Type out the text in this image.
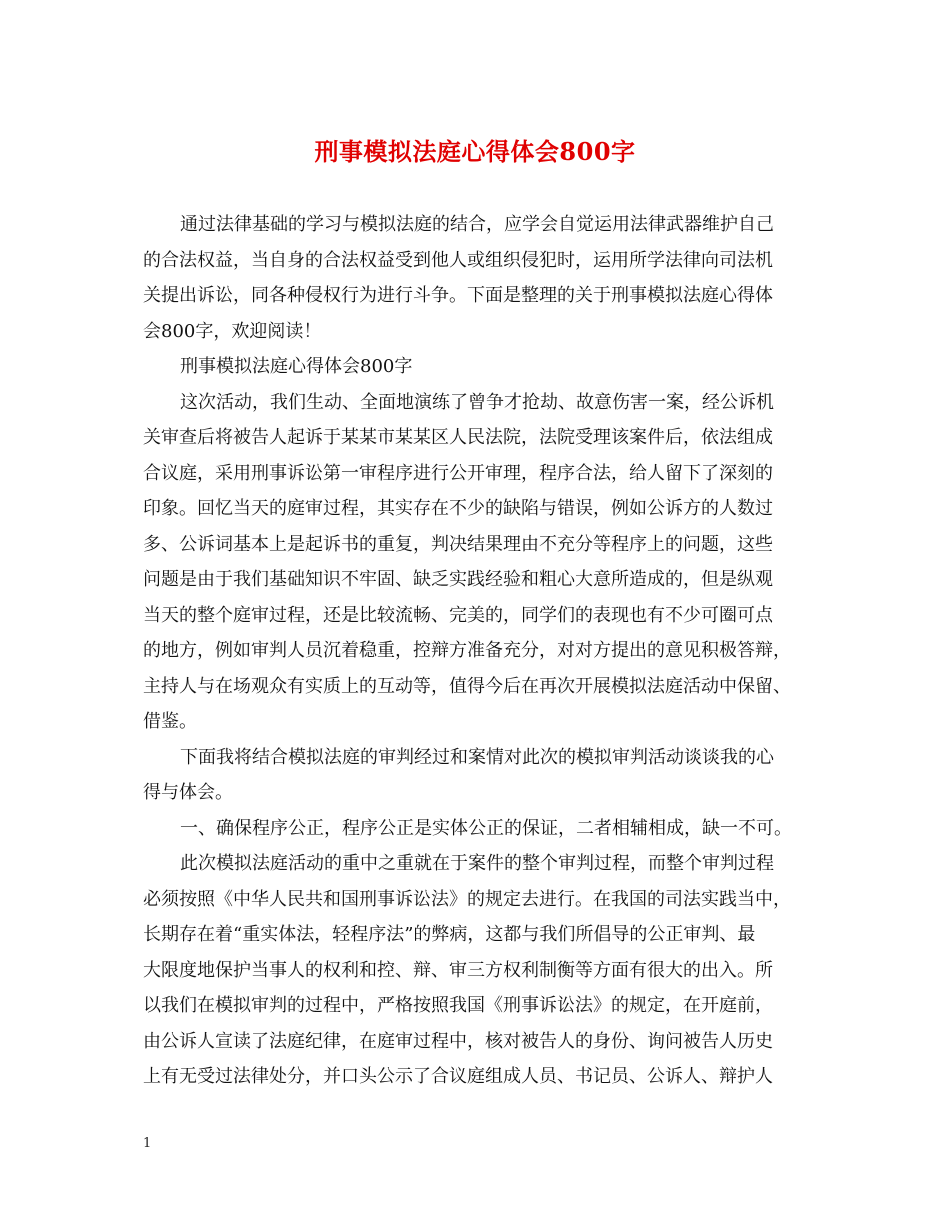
刑事模拟法庭心得体会800字
通过法律基础的学习与模拟法庭的结合，应学会自觉运用法律武器维护自己
的合法权益，当自身的合法权益受到他人或组织侵犯时，运用所学法律向司法机
关提出诉讼，同各种侵权行为进行斗争。下面是整理的关于刑事模拟法庭心得体
会800字，欢迎阅读！
刑事模拟法庭心得体会800字
这次活动，我们生动、全面地演练了曾争才抢劫、故意伤害一案，经公诉机
关审查后将被告人起诉于某某市某某区人民法院，法院受理该案件后，依法组成
合议庭，采用刑事诉讼第一审程序进行公开审理，程序合法，给人留下了深刻的
印象。回忆当天的庭审过程，其实存在不少的缺陷与错误，例如公诉方的人数过
多、公诉词基本上是起诉书的重复，判决结果理由不充分等程序上的问题，这些
问题是由于我们基础知识不牢固、缺乏实践经验和粗心大意所造成的，但是纵观
当天的整个庭审过程，还是比较流畅、完美的，同学们的表现也有不少可圈可点
的地方，例如审判人员沉着稳重，控辩方准备充分，对对方提出的意见积极答辩，
主持人与在场观众有实质上的互动等，值得今后在再次开展模拟法庭活动中保留、
借鉴。
下面我将结合模拟法庭的审判经过和案情对此次的模拟审判活动谈谈我的心
得与体会。
一、确保程序公正，程序公正是实体公正的保证，二者相辅相成，缺一不可。
此次模拟法庭活动的重中之重就在于案件的整个审判过程，而整个审判过程
必须按照《中华人民共和国刑事诉讼法》的规定去进行。在我国的司法实践当中，
长期存在着“重实体法，轻程序法”的弊病，这都与我们所倡导的公正审判、最
大限度地保护当事人的权利和控、辩、审三方权利制衡等方面有很大的出入。所
以我们在模拟审判的过程中，严格按照我国《刑事诉讼法》的规定，在开庭前，
由公诉人宣读了法庭纪律，在庭审过程中，核对被告人的身份、询问被告人历史
上有无受过法律处分，并口头公示了合议庭组成人员、书记员、公诉人、辩护人
1
